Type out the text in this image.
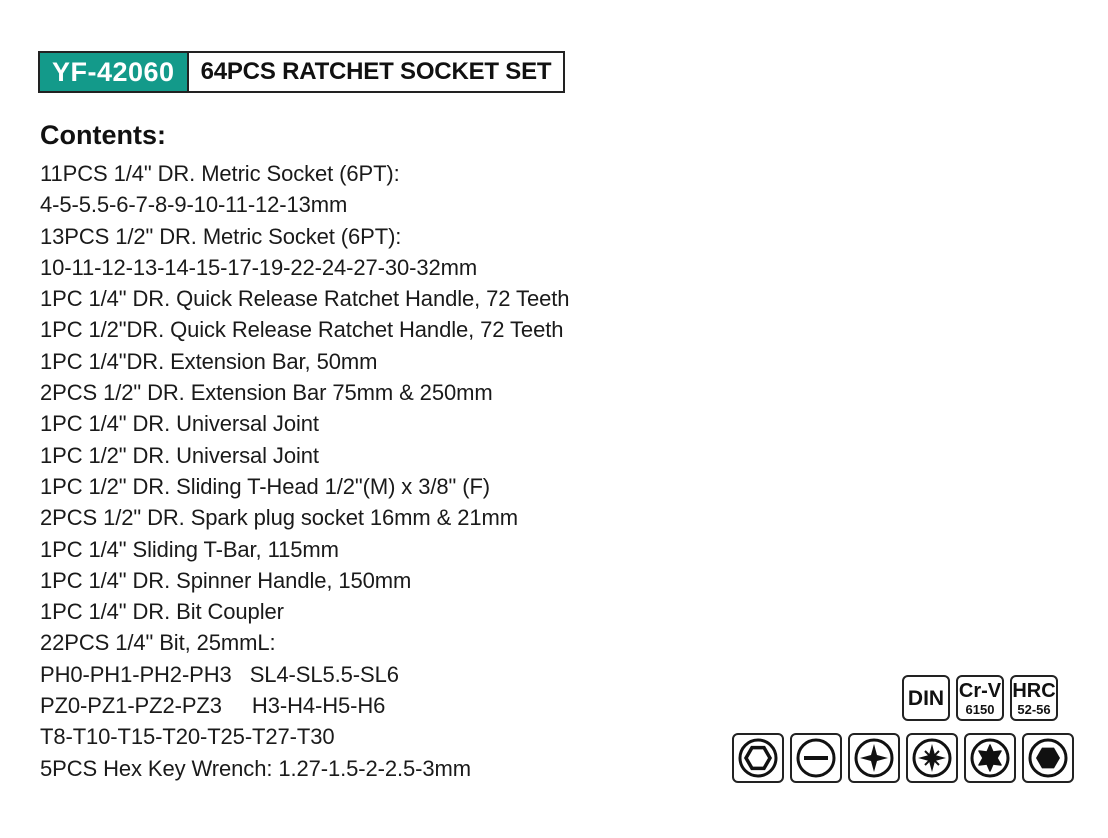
YF-42060	64PCS RATCHET SOCKET SET
Contents:
11PCS 1/4" DR. Metric Socket (6PT):
4-5-5.5-6-7-8-9-10-11-12-13mm
13PCS 1/2" DR. Metric Socket (6PT):
10-11-12-13-14-15-17-19-22-24-27-30-32mm
1PC 1/4" DR. Quick Release Ratchet Handle, 72 Teeth
1PC 1/2"DR. Quick Release Ratchet Handle, 72 Teeth
1PC 1/4"DR. Extension Bar, 50mm
2PCS 1/2" DR. Extension Bar 75mm & 250mm
1PC 1/4" DR. Universal Joint
1PC 1/2" DR. Universal Joint
1PC 1/2" DR. Sliding T-Head 1/2"(M) x 3/8" (F)
2PCS 1/2" DR. Spark plug socket 16mm & 21mm
1PC 1/4" Sliding T-Bar, 115mm
1PC 1/4" DR. Spinner Handle, 150mm
1PC 1/4" DR. Bit Coupler
22PCS 1/4" Bit, 25mmL:
PH0-PH1-PH2-PH3   SL4-SL5.5-SL6
PZ0-PZ1-PZ2-PZ3     H3-H4-H5-H6
T8-T10-T15-T20-T25-T27-T30
5PCS Hex Key Wrench: 1.27-1.5-2-2.5-3mm
DIN Cr-V
6150
HRC
52-56
